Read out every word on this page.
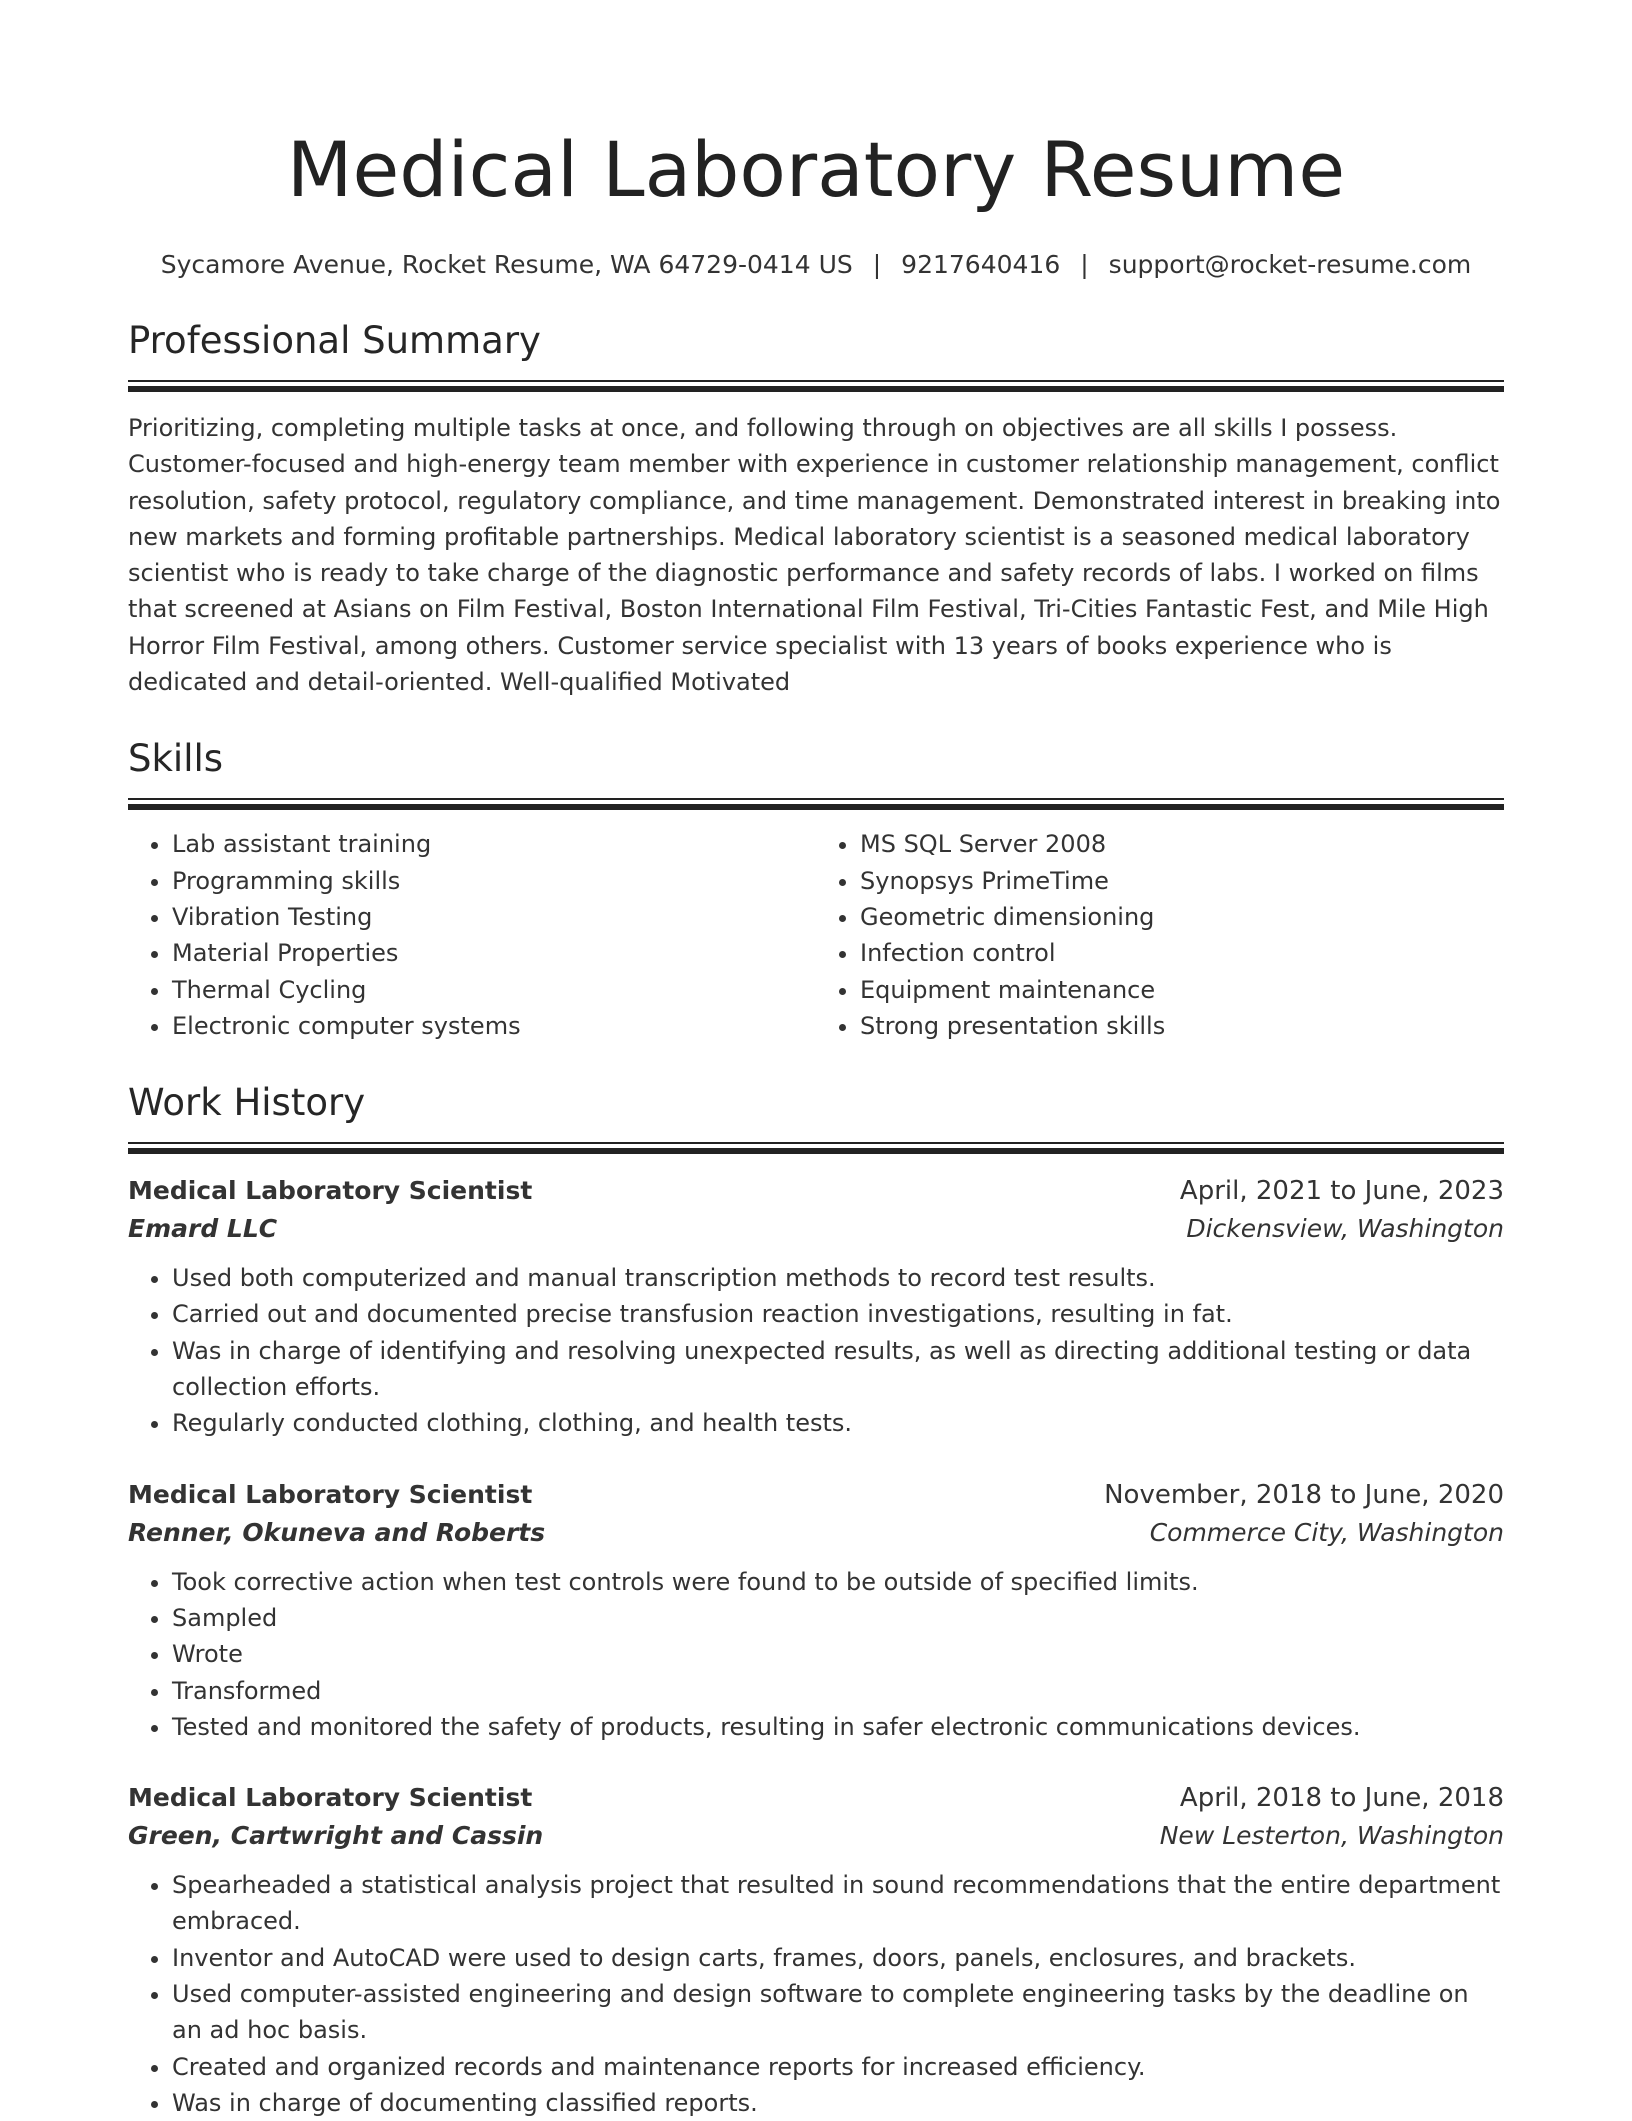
Medical Laboratory Resume
Sycamore Avenue, Rocket Resume, WA 64729-0414 US | 9217640416 | support@rocket-resume.com
Professional Summary
Prioritizing, completing multiple tasks at once, and following through on objectives are all skills I possess. Customer-focused and high-energy team member with experience in customer relationship management, conflict resolution, safety protocol, regulatory compliance, and time management. Demonstrated interest in breaking into new markets and forming profitable partnerships. Medical laboratory scientist is a seasoned medical laboratory scientist who is ready to take charge of the diagnostic performance and safety records of labs. I worked on films that screened at Asians on Film Festival, Boston International Film Festival, Tri-Cities Fantastic Fest, and Mile High Horror Film Festival, among others. Customer service specialist with 13 years of books experience who is dedicated and detail-oriented. Well-qualified Motivated
Skills
• Lab assistant training
• Programming skills
• Vibration Testing
• Material Properties
• Thermal Cycling
• Electronic computer systems
• MS SQL Server 2008
• Synopsys PrimeTime
• Geometric dimensioning
• Infection control
• Equipment maintenance
• Strong presentation skills
Work History
Medical Laboratory Scientist	April, 2021 to June, 2023
Emard LLC	Dickensview, Washington
• Used both computerized and manual transcription methods to record test results.
• Carried out and documented precise transfusion reaction investigations, resulting in fat.
• Was in charge of identifying and resolving unexpected results, as well as directing additional testing or data collection efforts.
• Regularly conducted clothing, clothing, and health tests.
Medical Laboratory Scientist	November, 2018 to June, 2020
Renner, Okuneva and Roberts	Commerce City, Washington
• Took corrective action when test controls were found to be outside of specified limits.
• Sampled
• Wrote
• Transformed
• Tested and monitored the safety of products, resulting in safer electronic communications devices.
Medical Laboratory Scientist	April, 2018 to June, 2018
Green, Cartwright and Cassin	New Lesterton, Washington
• Spearheaded a statistical analysis project that resulted in sound recommendations that the entire department embraced.
• Inventor and AutoCAD were used to design carts, frames, doors, panels, enclosures, and brackets.
• Used computer-assisted engineering and design software to complete engineering tasks by the deadline on an ad hoc basis.
• Created and organized records and maintenance reports for increased efficiency.
• Was in charge of documenting classified reports.
